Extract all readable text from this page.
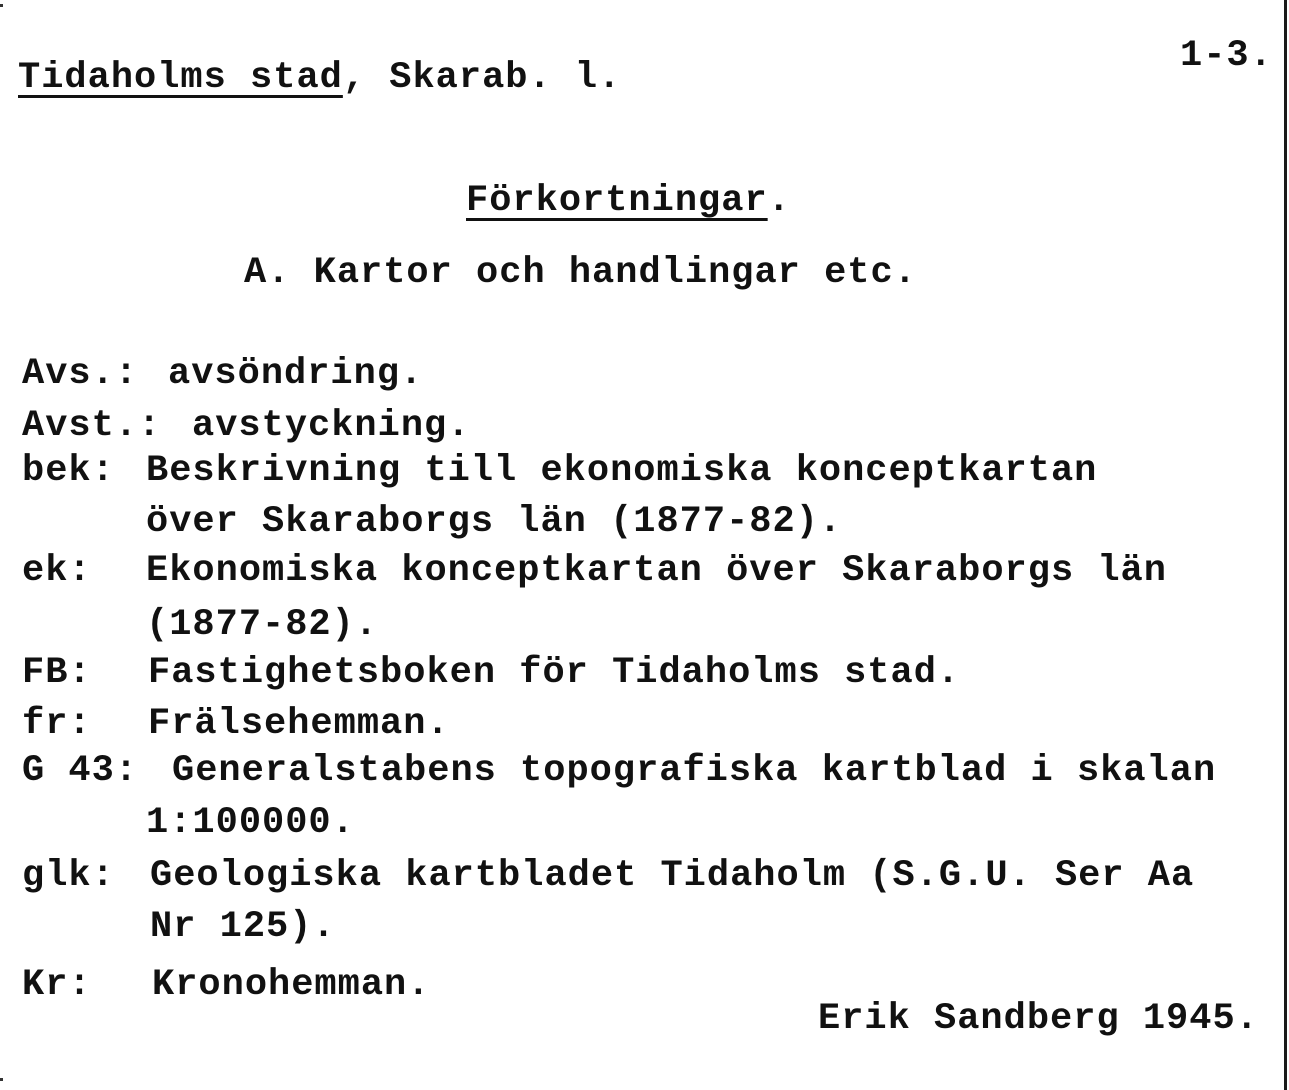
Tidaholms stad, Skarab. l.
1-3.
Förkortningar.
A. Kartor och handlingar etc.
Avs.: avsöndring.
Avst.: avstyckning.
bek: Beskrivning till ekonomiska konceptkartan
över Skaraborgs län (1877-82).
ek: Ekonomiska konceptkartan över Skaraborgs län
(1877-82).
FB: Fastighetsboken för Tidaholms stad.
fr: Frälsehemman.
G 43: Generalstabens topografiska kartblad i skalan
1:100000.
glk: Geologiska kartbladet Tidaholm (S.G.U. Ser Aa
Nr 125).
Kr: Kronohemman.
Erik Sandberg 1945.
